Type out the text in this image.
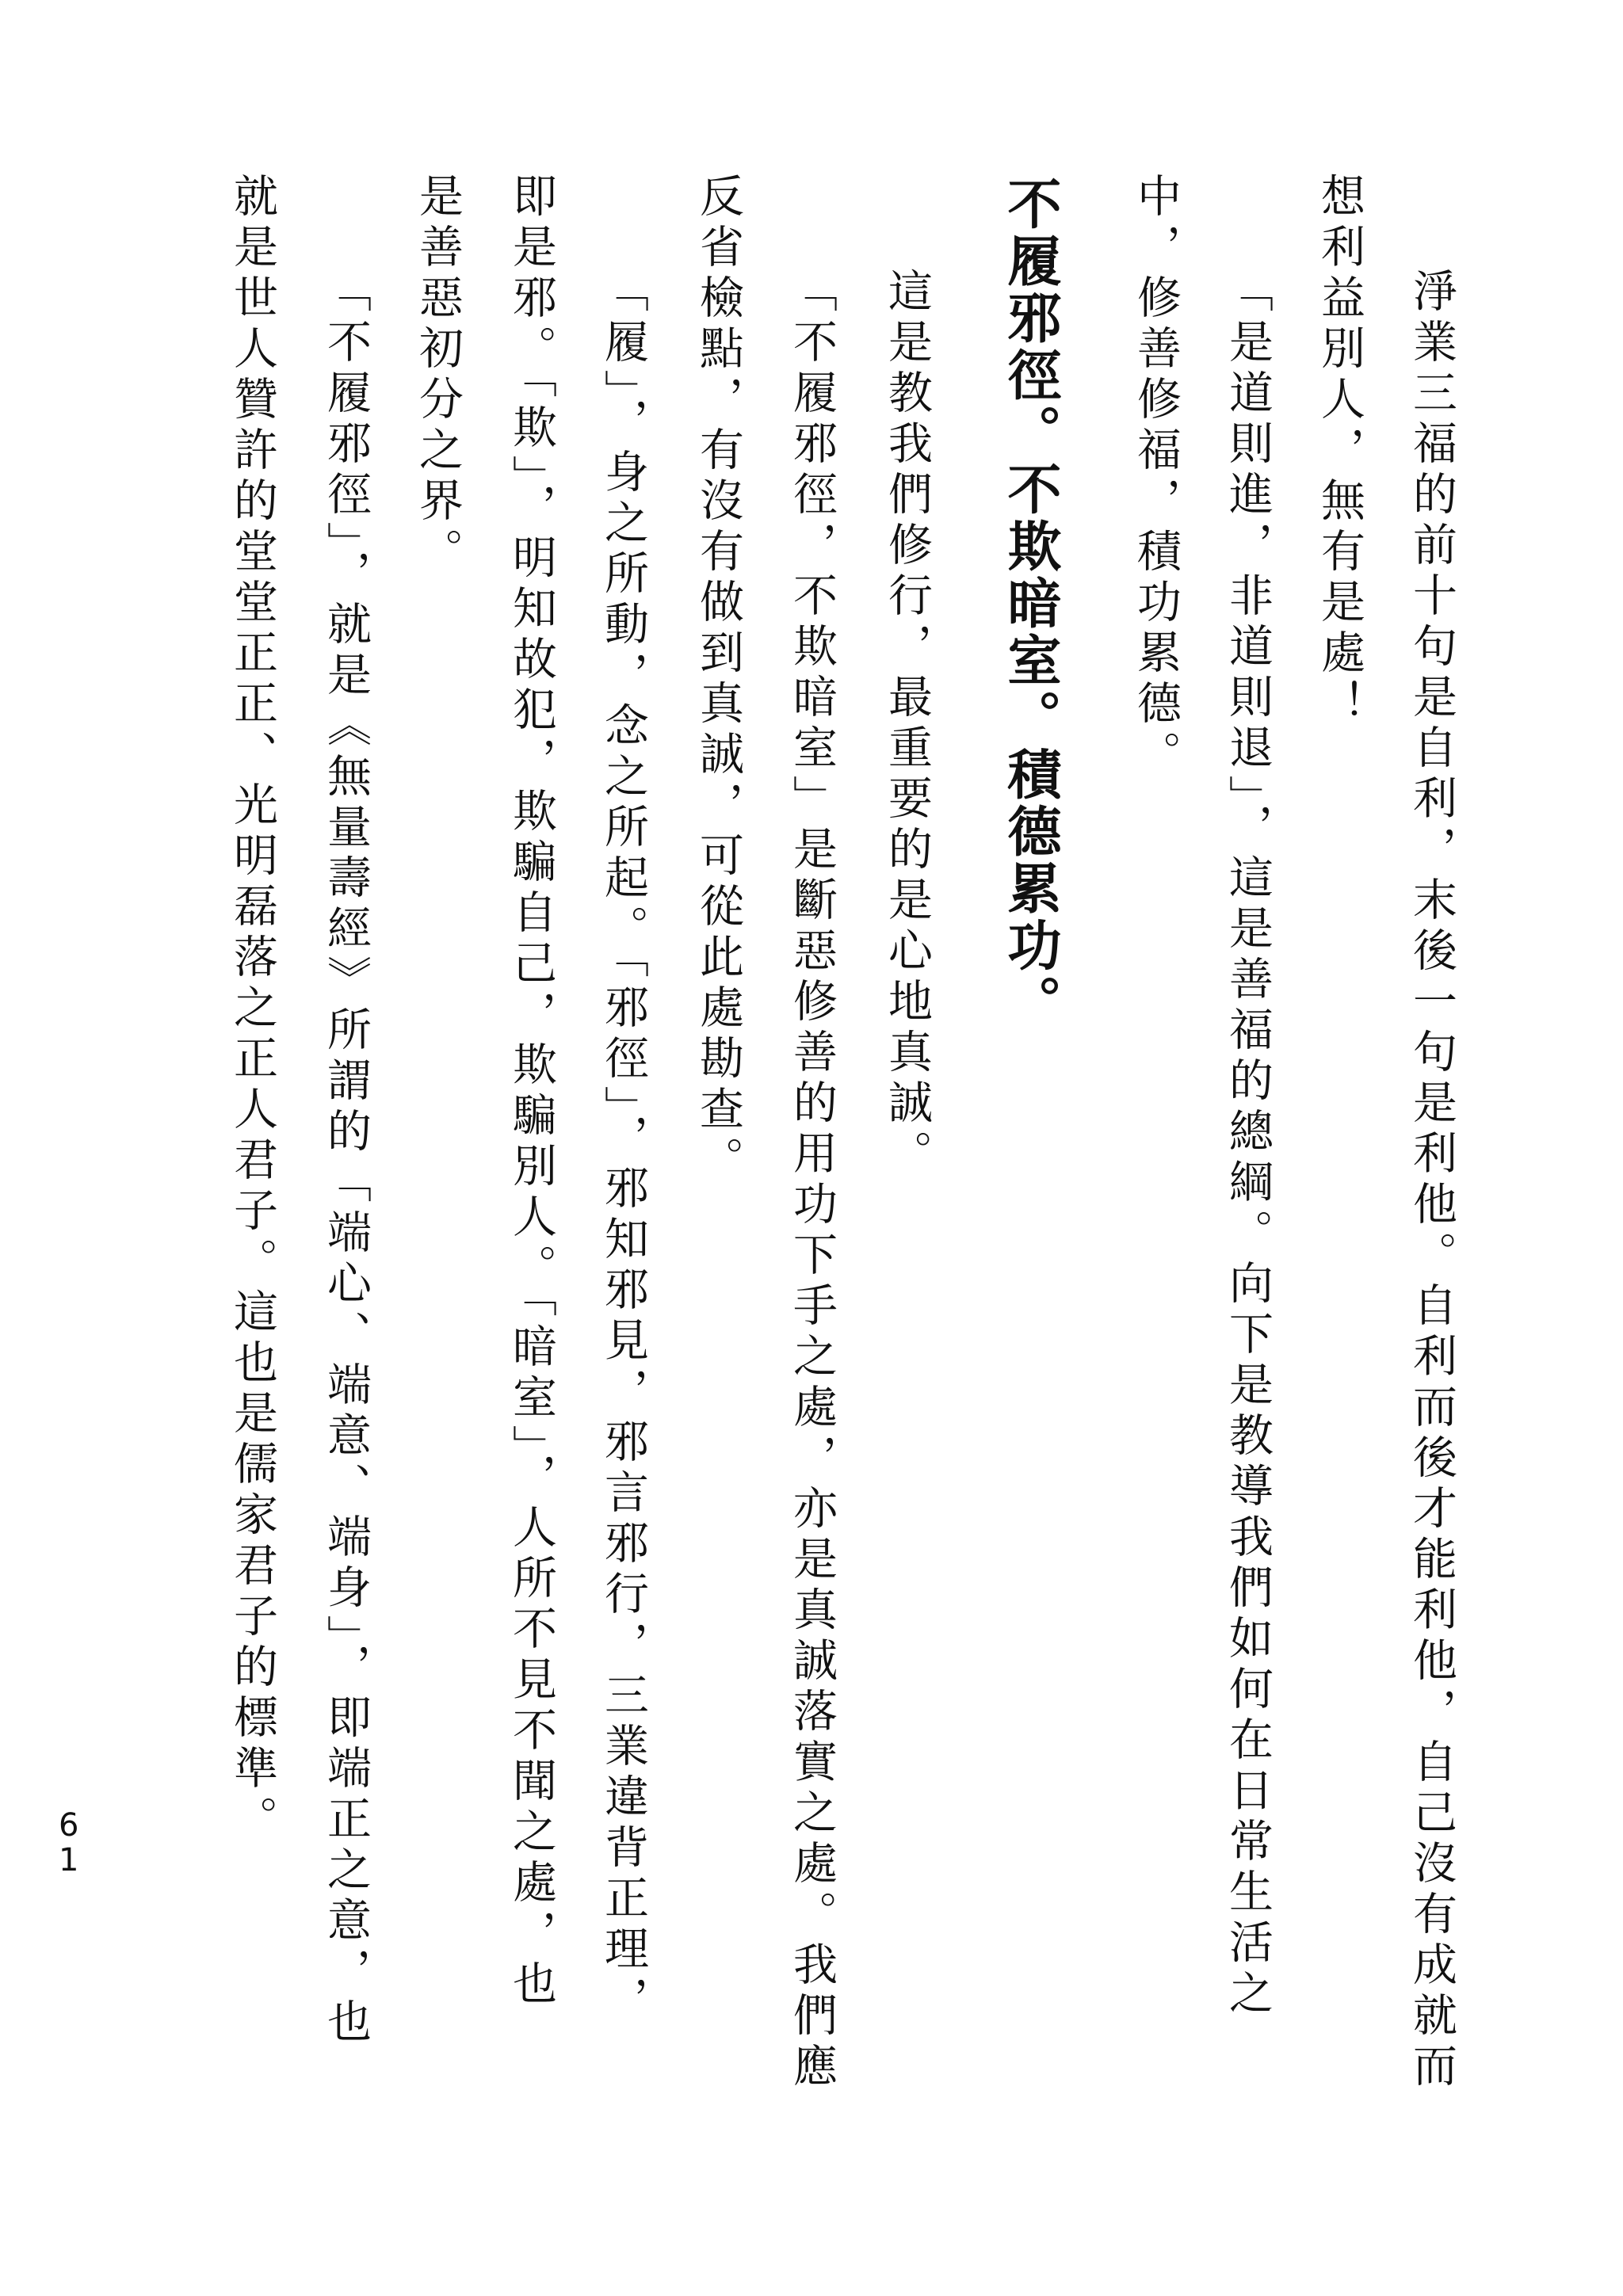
淨業三福的前十句是自利，末後一句是利他。自利而後才能利他，自己沒有成就而
想利益別人，無有是處！
「是道則進，非道則退」，這是善福的總綱。向下是教導我們如何在日常生活之
中，修善修福，積功累德。
不履邪徑。不欺暗室。積德累功。
這是教我們修行，最重要的是心地真誠。
「不履邪徑，不欺暗室」是斷惡修善的用功下手之處，亦是真誠落實之處。我們應
反省檢點，有沒有做到真誠，可從此處勘查。
「履」，身之所動，念之所起。「邪徑」，邪知邪見，邪言邪行，三業違背正理，
即是邪。「欺」，明知故犯，欺騙自己，欺騙別人。「暗室」，人所不見不聞之處，也
是善惡初分之界。
「不履邪徑」，就是《無量壽經》所謂的「端心、端意、端身」，即端正之意，也
就是世人贊許的堂堂正正、光明磊落之正人君子。這也是儒家君子的標準。
6
1
